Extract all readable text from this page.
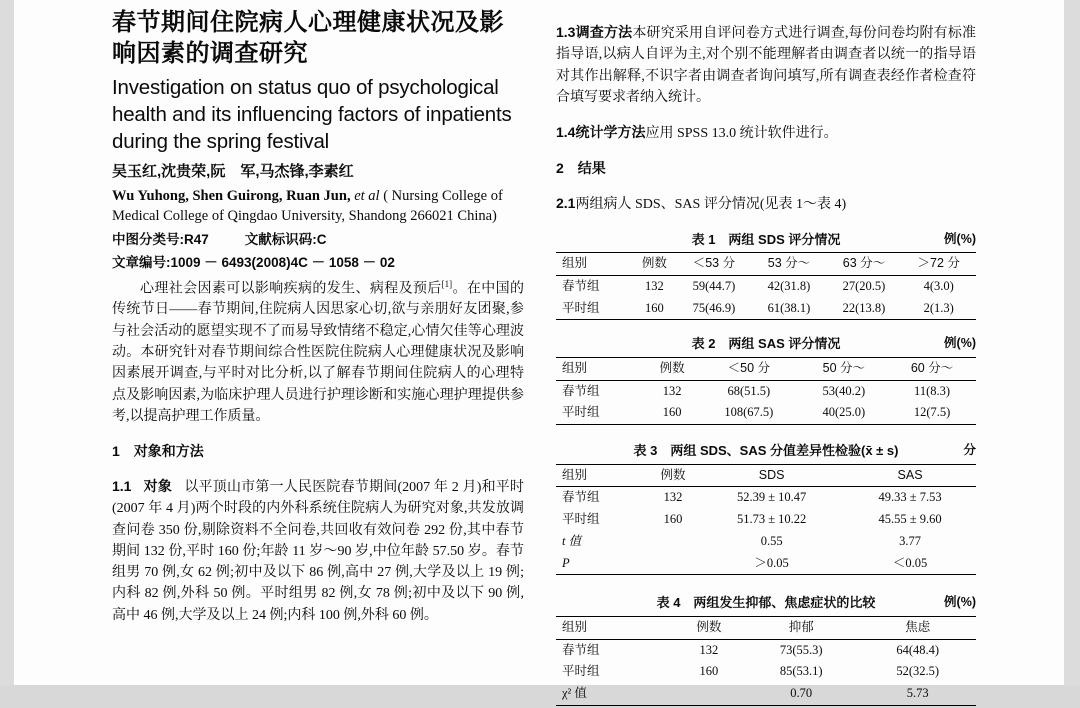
春节期间住院病人心理健康状况及影响因素的调查研究
Investigation on status quo of psychological health and its influencing factors of inpatients during the spring festival
吴玉红,沈贵荣,阮　军,马杰锋,李素红
Wu Yuhong, Shen Guirong, Ruan Jun, et al ( Nursing College of Medical College of Qingdao University, Shandong 266021 China)
中图分类号:R47	文献标识码:C
文章编号:1009 － 6493(2008)4C － 1058 － 02

心理社会因素可以影响疾病的发生、病程及预后[1]。在中国的传统节日——春节期间,住院病人因思家心切,欲与亲朋好友团聚,参与社会活动的愿望实现不了而易导致情绪不稳定,心情欠佳等心理波动。本研究针对春节期间综合性医院住院病人心理健康状况及影响因素展开调查,与平时对比分析,以了解春节期间住院病人的心理特点及影响因素,为临床护理人员进行护理诊断和实施心理护理提供参考,以提高护理工作质量。

1　对象和方法

1.1 对象 以平顶山市第一人民医院春节期间(2007 年 2 月)和平时(2007 年 4 月)两个时段的内外科系统住院病人为研究对象,共发放调查问卷 350 份,剔除资料不全问卷,共回收有效问卷 292 份,其中春节期间 132 份,平时 160 份;年龄 11 岁～90 岁,中位年龄 57.50 岁。春节组男 70 例,女 62 例;初中及以下 86 例,高中 27 例,大学及以上 19 例;内科 82 例,外科 50 例。平时组男 82 例,女 78 例;初中及以下 90 例,高中 46 例,大学及以上 24 例;内科 100 例,外科 60 例。

1.3调查方法本研究采用自评问卷方式进行调查,每份问卷均附有标准指导语,以病人自评为主,对个别不能理解者由调查者以统一的指导语对其作出解释,不识字者由调查者询问填写,所有调查表经作者检查符合填写要求者纳入统计。

1.4统计学方法应用 SPSS 13.0 统计软件进行。

2　结果

2.1两组病人 SDS、SAS 评分情况(见表 1～表 4)

表 1　两组 SDS 评分情况	例(%)
组别	例数	＜53 分	53 分～	63 分～	＞72 分
春节组	132	59(44.7)	42(31.8)	27(20.5)	4(3.0)
平时组	160	75(46.9)	61(38.1)	22(13.8)	2(1.3)
表 2　两组 SAS 评分情况	例(%)
组别	例数	＜50 分	50 分～	60 分～
春节组	132	68(51.5)	53(40.2)	11(8.3)
平时组	160	108(67.5)	40(25.0)	12(7.5)
表 3　两组 SDS、SAS 分值差异性检验(x̄ ± s)	分
组别	例数	SDS	SAS
春节组	132	52.39 ± 10.47	49.33 ± 7.53
平时组	160	51.73 ± 10.22	45.55 ± 9.60
t 值		0.55	3.77
P		＞0.05	＜0.05
表 4　两组发生抑郁、焦虑症状的比较	例(%)
组别	例数	抑郁	焦虑
春节组	132	73(55.3)	64(48.4)
平时组	160	85(53.1)	52(32.5)
χ² 值		0.70	5.73
